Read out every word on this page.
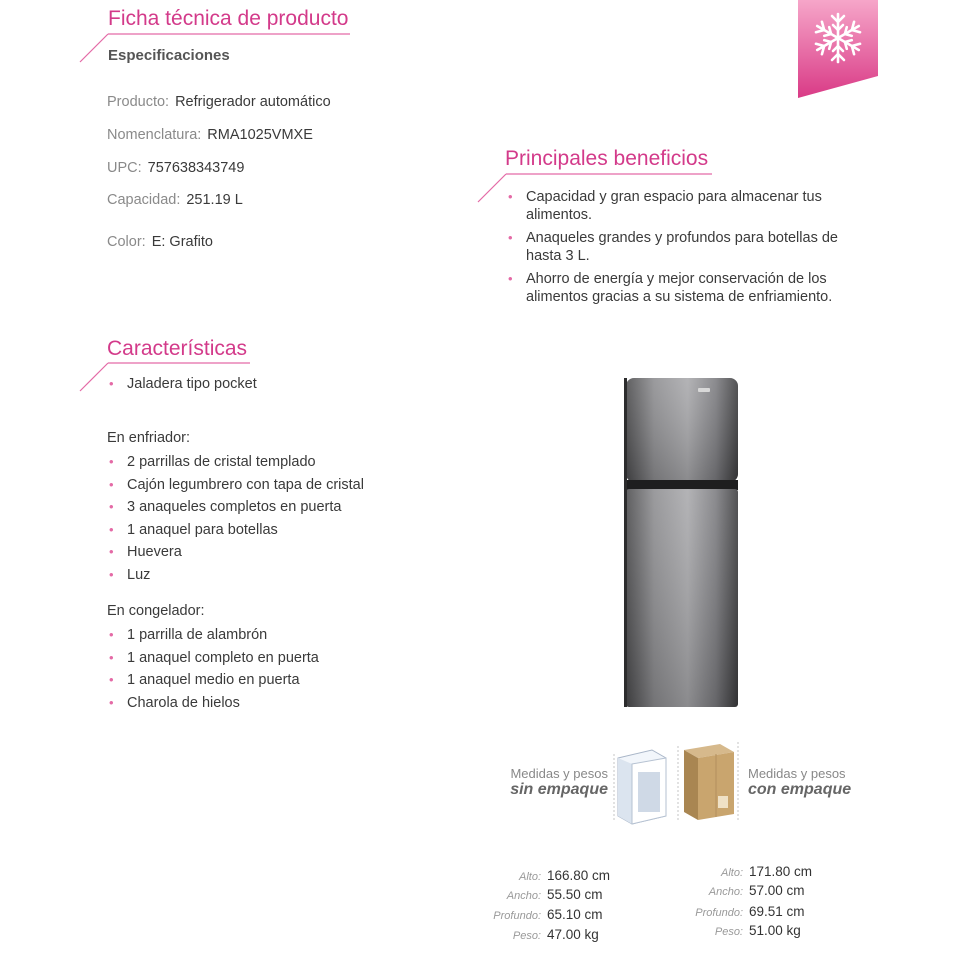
Ficha técnica de producto
Especificaciones
Producto: Refrigerador automático
Nomenclatura: RMA1025VMXE
UPC: 757638343749
Capacidad: 251.19 L
Color: E: Grafito
Principales beneficios
• Capacidad y gran espacio para almacenar tus
alimentos.
• Anaqueles grandes y profundos para botellas de
hasta 3 L.
• Ahorro de energía y mejor conservación de los
alimentos gracias a su sistema de enfriamiento.
Características
• Jaladera tipo pocket
En enfriador:
• 2 parrillas de cristal templado
• Cajón legumbrero con tapa de cristal
• 3 anaqueles completos en puerta
• 1 anaquel para botellas
• Huevera
• Luz
En congelador:
• 1 parrilla de alambrón
• 1 anaquel completo en puerta
• 1 anaquel medio en puerta
• Charola de hielos
Medidas y pesos
sin empaque
Medidas y pesos
con empaque
Alto: 166.80 cm
Ancho: 55.50 cm
Profundo: 65.10 cm
Peso: 47.00 kg
Alto: 171.80 cm
Ancho: 57.00 cm
Profundo: 69.51 cm
Peso: 51.00 kg
